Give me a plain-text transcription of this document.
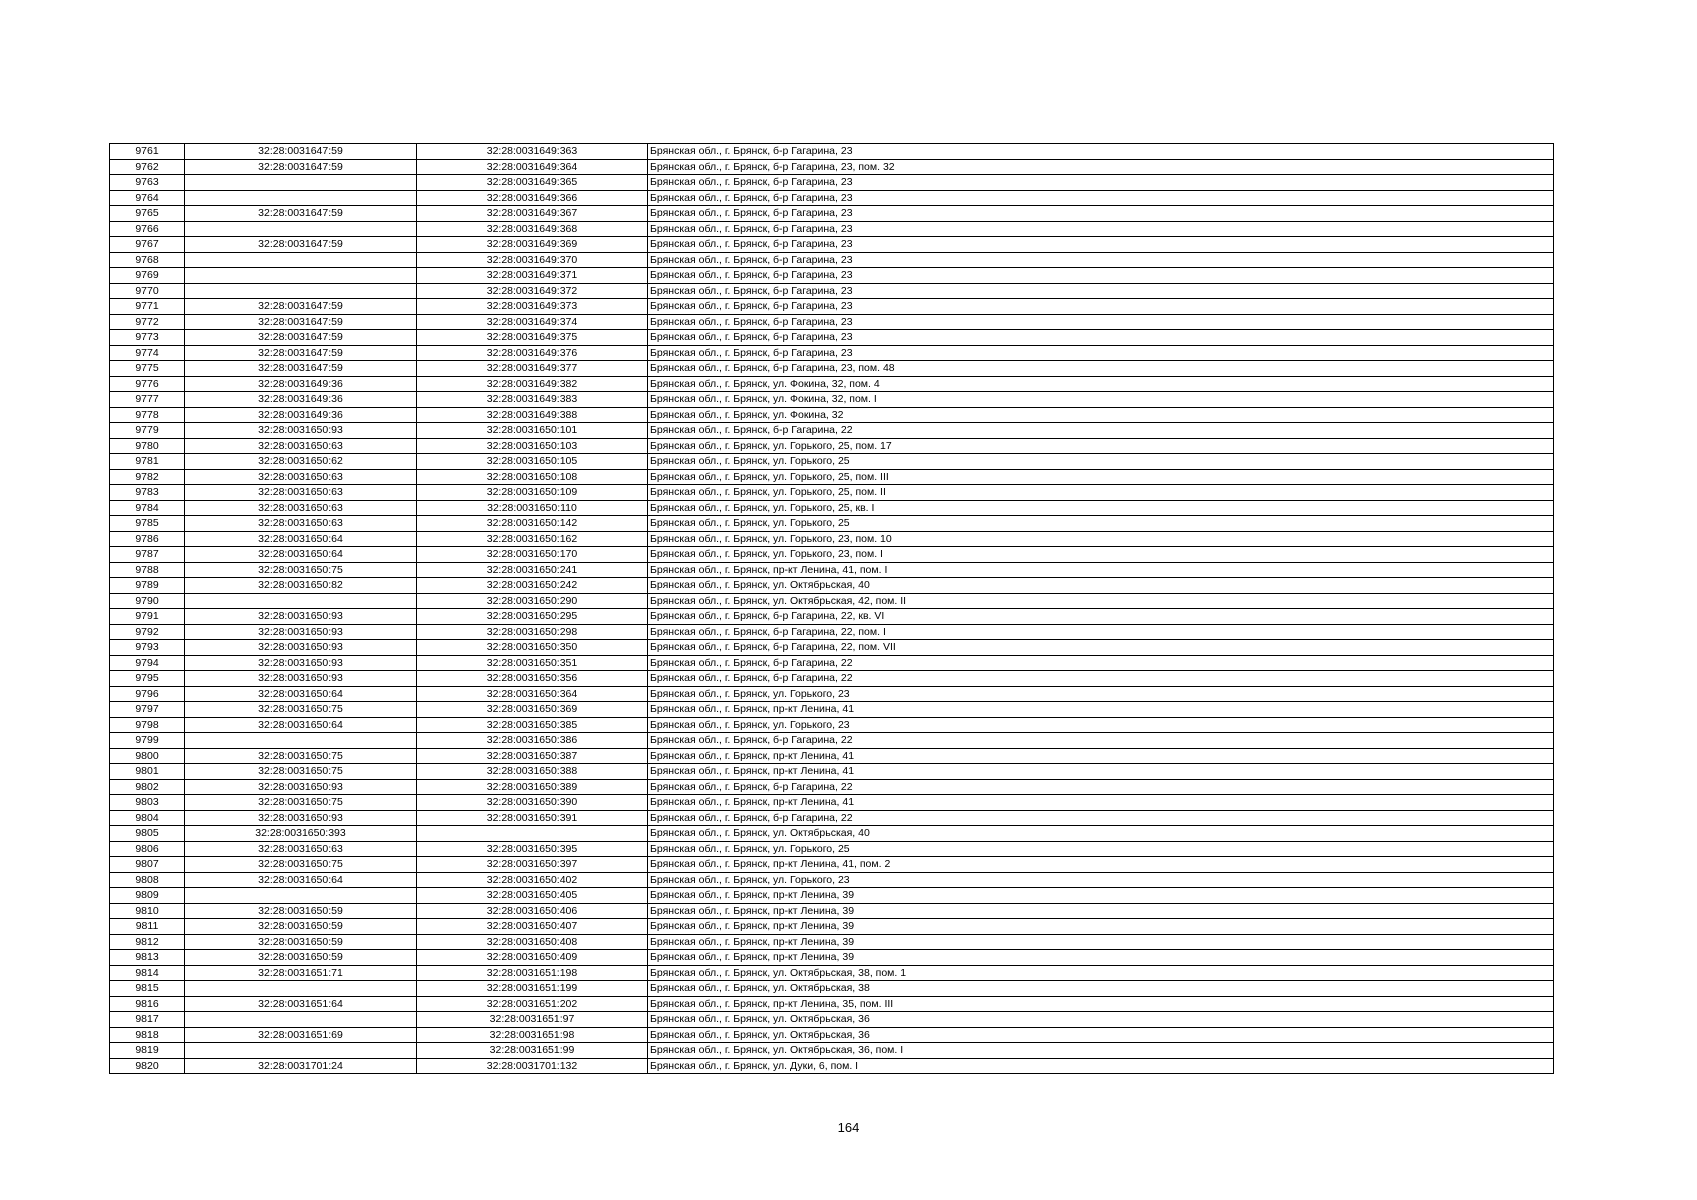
9761	32:28:0031647:59	32:28:0031649:363	Брянская обл., г. Брянск, б-р Гагарина, 23
9762	32:28:0031647:59	32:28:0031649:364	Брянская обл., г. Брянск, б-р Гагарина, 23, пом. 32
9763		32:28:0031649:365	Брянская обл., г. Брянск, б-р Гагарина, 23
9764		32:28:0031649:366	Брянская обл., г. Брянск, б-р Гагарина, 23
9765	32:28:0031647:59	32:28:0031649:367	Брянская обл., г. Брянск, б-р Гагарина, 23
9766		32:28:0031649:368	Брянская обл., г. Брянск, б-р Гагарина, 23
9767	32:28:0031647:59	32:28:0031649:369	Брянская обл., г. Брянск, б-р Гагарина, 23
9768		32:28:0031649:370	Брянская обл., г. Брянск, б-р Гагарина, 23
9769		32:28:0031649:371	Брянская обл., г. Брянск, б-р Гагарина, 23
9770		32:28:0031649:372	Брянская обл., г. Брянск, б-р Гагарина, 23
9771	32:28:0031647:59	32:28:0031649:373	Брянская обл., г. Брянск, б-р Гагарина, 23
9772	32:28:0031647:59	32:28:0031649:374	Брянская обл., г. Брянск, б-р Гагарина, 23
9773	32:28:0031647:59	32:28:0031649:375	Брянская обл., г. Брянск, б-р Гагарина, 23
9774	32:28:0031647:59	32:28:0031649:376	Брянская обл., г. Брянск, б-р Гагарина, 23
9775	32:28:0031647:59	32:28:0031649:377	Брянская обл., г. Брянск, б-р Гагарина, 23, пом. 48
9776	32:28:0031649:36	32:28:0031649:382	Брянская обл., г. Брянск, ул. Фокина, 32, пом. 4
9777	32:28:0031649:36	32:28:0031649:383	Брянская обл., г. Брянск, ул. Фокина, 32, пом. I
9778	32:28:0031649:36	32:28:0031649:388	Брянская обл., г. Брянск, ул. Фокина, 32
9779	32:28:0031650:93	32:28:0031650:101	Брянская обл., г. Брянск, б-р Гагарина, 22
9780	32:28:0031650:63	32:28:0031650:103	Брянская обл., г. Брянск, ул. Горького, 25, пом. 17
9781	32:28:0031650:62	32:28:0031650:105	Брянская обл., г. Брянск, ул. Горького, 25
9782	32:28:0031650:63	32:28:0031650:108	Брянская обл., г. Брянск, ул. Горького, 25, пом. III
9783	32:28:0031650:63	32:28:0031650:109	Брянская обл., г. Брянск, ул. Горького, 25, пом. II
9784	32:28:0031650:63	32:28:0031650:110	Брянская обл., г. Брянск, ул. Горького, 25, кв. I
9785	32:28:0031650:63	32:28:0031650:142	Брянская обл., г. Брянск, ул. Горького, 25
9786	32:28:0031650:64	32:28:0031650:162	Брянская обл., г. Брянск, ул. Горького, 23, пом. 10
9787	32:28:0031650:64	32:28:0031650:170	Брянская обл., г. Брянск, ул. Горького, 23, пом. I
9788	32:28:0031650:75	32:28:0031650:241	Брянская обл., г. Брянск, пр-кт Ленина, 41, пом. I
9789	32:28:0031650:82	32:28:0031650:242	Брянская обл., г. Брянск, ул. Октябрьская, 40
9790		32:28:0031650:290	Брянская обл., г. Брянск, ул. Октябрьская, 42, пом. II
9791	32:28:0031650:93	32:28:0031650:295	Брянская обл., г. Брянск, б-р Гагарина, 22, кв. VI
9792	32:28:0031650:93	32:28:0031650:298	Брянская обл., г. Брянск, б-р Гагарина, 22, пом. I
9793	32:28:0031650:93	32:28:0031650:350	Брянская обл., г. Брянск, б-р Гагарина, 22, пом. VII
9794	32:28:0031650:93	32:28:0031650:351	Брянская обл., г. Брянск, б-р Гагарина, 22
9795	32:28:0031650:93	32:28:0031650:356	Брянская обл., г. Брянск, б-р Гагарина, 22
9796	32:28:0031650:64	32:28:0031650:364	Брянская обл., г. Брянск, ул. Горького, 23
9797	32:28:0031650:75	32:28:0031650:369	Брянская обл., г. Брянск, пр-кт Ленина, 41
9798	32:28:0031650:64	32:28:0031650:385	Брянская обл., г. Брянск, ул. Горького, 23
9799		32:28:0031650:386	Брянская обл., г. Брянск, б-р Гагарина, 22
9800	32:28:0031650:75	32:28:0031650:387	Брянская обл., г. Брянск, пр-кт Ленина, 41
9801	32:28:0031650:75	32:28:0031650:388	Брянская обл., г. Брянск, пр-кт Ленина, 41
9802	32:28:0031650:93	32:28:0031650:389	Брянская обл., г. Брянск, б-р Гагарина, 22
9803	32:28:0031650:75	32:28:0031650:390	Брянская обл., г. Брянск, пр-кт Ленина, 41
9804	32:28:0031650:93	32:28:0031650:391	Брянская обл., г. Брянск, б-р Гагарина, 22
9805	32:28:0031650:393		Брянская обл., г. Брянск, ул. Октябрьская, 40
9806	32:28:0031650:63	32:28:0031650:395	Брянская обл., г. Брянск, ул. Горького, 25
9807	32:28:0031650:75	32:28:0031650:397	Брянская обл., г. Брянск, пр-кт Ленина, 41, пом. 2
9808	32:28:0031650:64	32:28:0031650:402	Брянская обл., г. Брянск, ул. Горького, 23
9809		32:28:0031650:405	Брянская обл., г. Брянск, пр-кт Ленина, 39
9810	32:28:0031650:59	32:28:0031650:406	Брянская обл., г. Брянск, пр-кт Ленина, 39
9811	32:28:0031650:59	32:28:0031650:407	Брянская обл., г. Брянск, пр-кт Ленина, 39
9812	32:28:0031650:59	32:28:0031650:408	Брянская обл., г. Брянск, пр-кт Ленина, 39
9813	32:28:0031650:59	32:28:0031650:409	Брянская обл., г. Брянск, пр-кт Ленина, 39
9814	32:28:0031651:71	32:28:0031651:198	Брянская обл., г. Брянск, ул. Октябрьская, 38, пом. 1
9815		32:28:0031651:199	Брянская обл., г. Брянск, ул. Октябрьская, 38
9816	32:28:0031651:64	32:28:0031651:202	Брянская обл., г. Брянск, пр-кт Ленина, 35, пом. III
9817		32:28:0031651:97	Брянская обл., г. Брянск, ул. Октябрьская, 36
9818	32:28:0031651:69	32:28:0031651:98	Брянская обл., г. Брянск, ул. Октябрьская, 36
9819		32:28:0031651:99	Брянская обл., г. Брянск, ул. Октябрьская, 36, пом. I
9820	32:28:0031701:24	32:28:0031701:132	Брянская обл., г. Брянск, ул. Дуки, 6, пом. I
164
